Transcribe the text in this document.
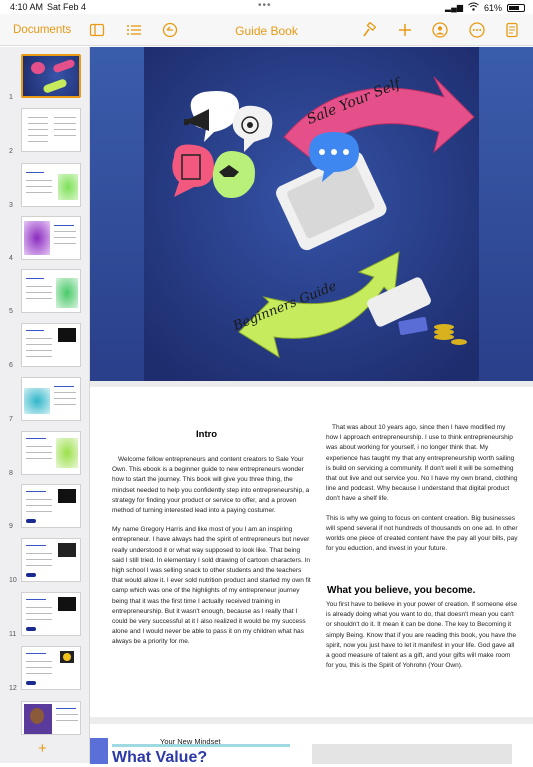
4:10 AM Sat Feb 4	•••	▂▄▆ 61%
Documents	Guide Book
1
2
3
4
5
6
7
8
9
10
11
12
+
Sale Your Self
Beginners Guide
Intro

Welcome fellow entrepreneurs and content creators to Sale Your Own. This ebook is a beginner guide to new entrepreneurs wonder how to start the journey. This book will give you three thing, the mindset needed to help you confidently step into entrepreneurship, a strategy for finding your product or service to offer, and a proven method of turning interested lead into a paying costumer.

My name Gregory Harris and like most of you I am an inspiring entrepreneur. I have always had the spirit of entrepreneurs but never really understood it or what way supposed to look like. That being said I still tried. In elementary I sold drawing of cartoon characters. In high school I was selling snack to other students and the teachers that would allow it. I ever sold nutrition product and started my own fit camp which was one of the highlights of my entrepreneur journey being that it was the first time I actually received training in entrepreneurship. But it wasn't enough, because as I really that I could be very successful at it I also realized it would be my success alone and I would never be able to pass it on my children what has always be a priority for me.

That was about 10 years ago, since then I have modified my how I approach entrepreneurship. I use to think entrepreneurship was about working for yourself, i no longer think that. My experience has taught my that any entrepreneurship worth sailing is build on servicing a community. If don't well it will be something that out live and out service you. No I have my own brand, clothing line and podcast. Why because I understand that digital product don't have a shelf life.

This is why we going to focus on content creation. Big businesses will spend several if not hundreds of thousands on one ad. In other worlds one piece of created content have the pay all your bills, pay for you eduction, and invest in your future.

What you believe, you become.

You first have to believe in your power of creation. If someone else is already doing what you want to do, that doesn't mean you can't or shouldn't do it. It mean it can be done. The key to Becoming it simply Being. Know that if you are reading this book, you have the spirit, now you just have to let it manifest in your life. God gave all a good measure of talent as a gift, and your gifts will make room for you, this is the Spirit of Yohrohn (Your Own).

Your New Mindset
What Value?
